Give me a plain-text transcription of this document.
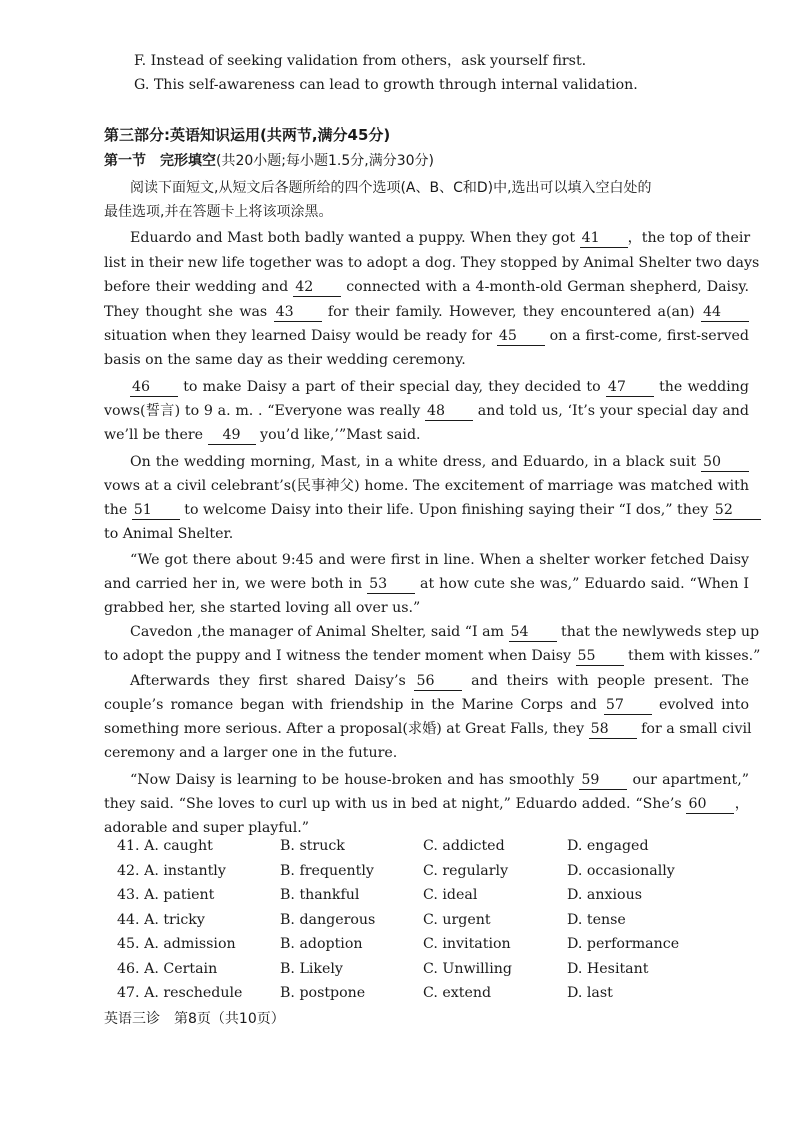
F. Instead of seeking validation from others，ask yourself first.
G. This self-awareness can lead to growth through internal validation.
第三部分:英语知识运用(共两节,满分45分)
第一节　完形填空(共20小题;每小题1.5分,满分30分)
阅读下面短文,从短文后各题所给的四个选项(A、B、C和D)中,选出可以填入空白处的
最佳选项,并在答题卡上将该项涂黑。
Eduardo and Mast both badly wanted a puppy. When they got 41 ，the top of their
list in their new life together was to adopt a dog. They stopped by Animal Shelter two days
before their wedding and 42 connected with a 4-month-old German shepherd, Daisy.
They thought she was 43 for their family. However, they encountered a(an) 44
situation when they learned Daisy would be ready for 45 on a first-come, first-served
basis on the same day as their wedding ceremony.
46 to make Daisy a part of their special day, they decided to 47 the wedding
vows(誓言) to 9 a. m. . “Everyone was really 48 and told us, ‘It’s your special day and
we’ll be there 49 you’d like,’”Mast said.
On the wedding morning, Mast, in a white dress, and Eduardo, in a black suit 50
vows at a civil celebrant’s(民事神父) home. The excitement of marriage was matched with
the 51 to welcome Daisy into their life. Upon finishing saying their “I dos,” they 52
to Animal Shelter.
“We got there about 9:45 and were first in line. When a shelter worker fetched Daisy
and carried her in, we were both in 53 at how cute she was,” Eduardo said. “When I
grabbed her, she started loving all over us.”
Cavedon ,the manager of Animal Shelter, said “I am 54 that the newlyweds step up
to adopt the puppy and I witness the tender moment when Daisy 55 them with kisses.”
Afterwards they first shared Daisy’s 56 and theirs with people present. The
couple’s romance began with friendship in the Marine Corps and 57 evolved into
something more serious. After a proposal(求婚) at Great Falls, they 58 for a small civil
ceremony and a larger one in the future.
“Now Daisy is learning to be house-broken and has smoothly 59 our apartment,”
they said. “She loves to curl up with us in bed at night,” Eduardo added. “She’s 60 ，
adorable and super playful.”
41. A. caught	B. struck	C. addicted	D. engaged
42. A. instantly	B. frequently	C. regularly	D. occasionally
43. A. patient	B. thankful	C. ideal	D. anxious
44. A. tricky	B. dangerous	C. urgent	D. tense
45. A. admission	B. adoption	C. invitation	D. performance
46. A. Certain	B. Likely	C. Unwilling	D. Hesitant
47. A. reschedule	B. postpone	C. extend	D. last
英语三诊　第8页（共10页）
